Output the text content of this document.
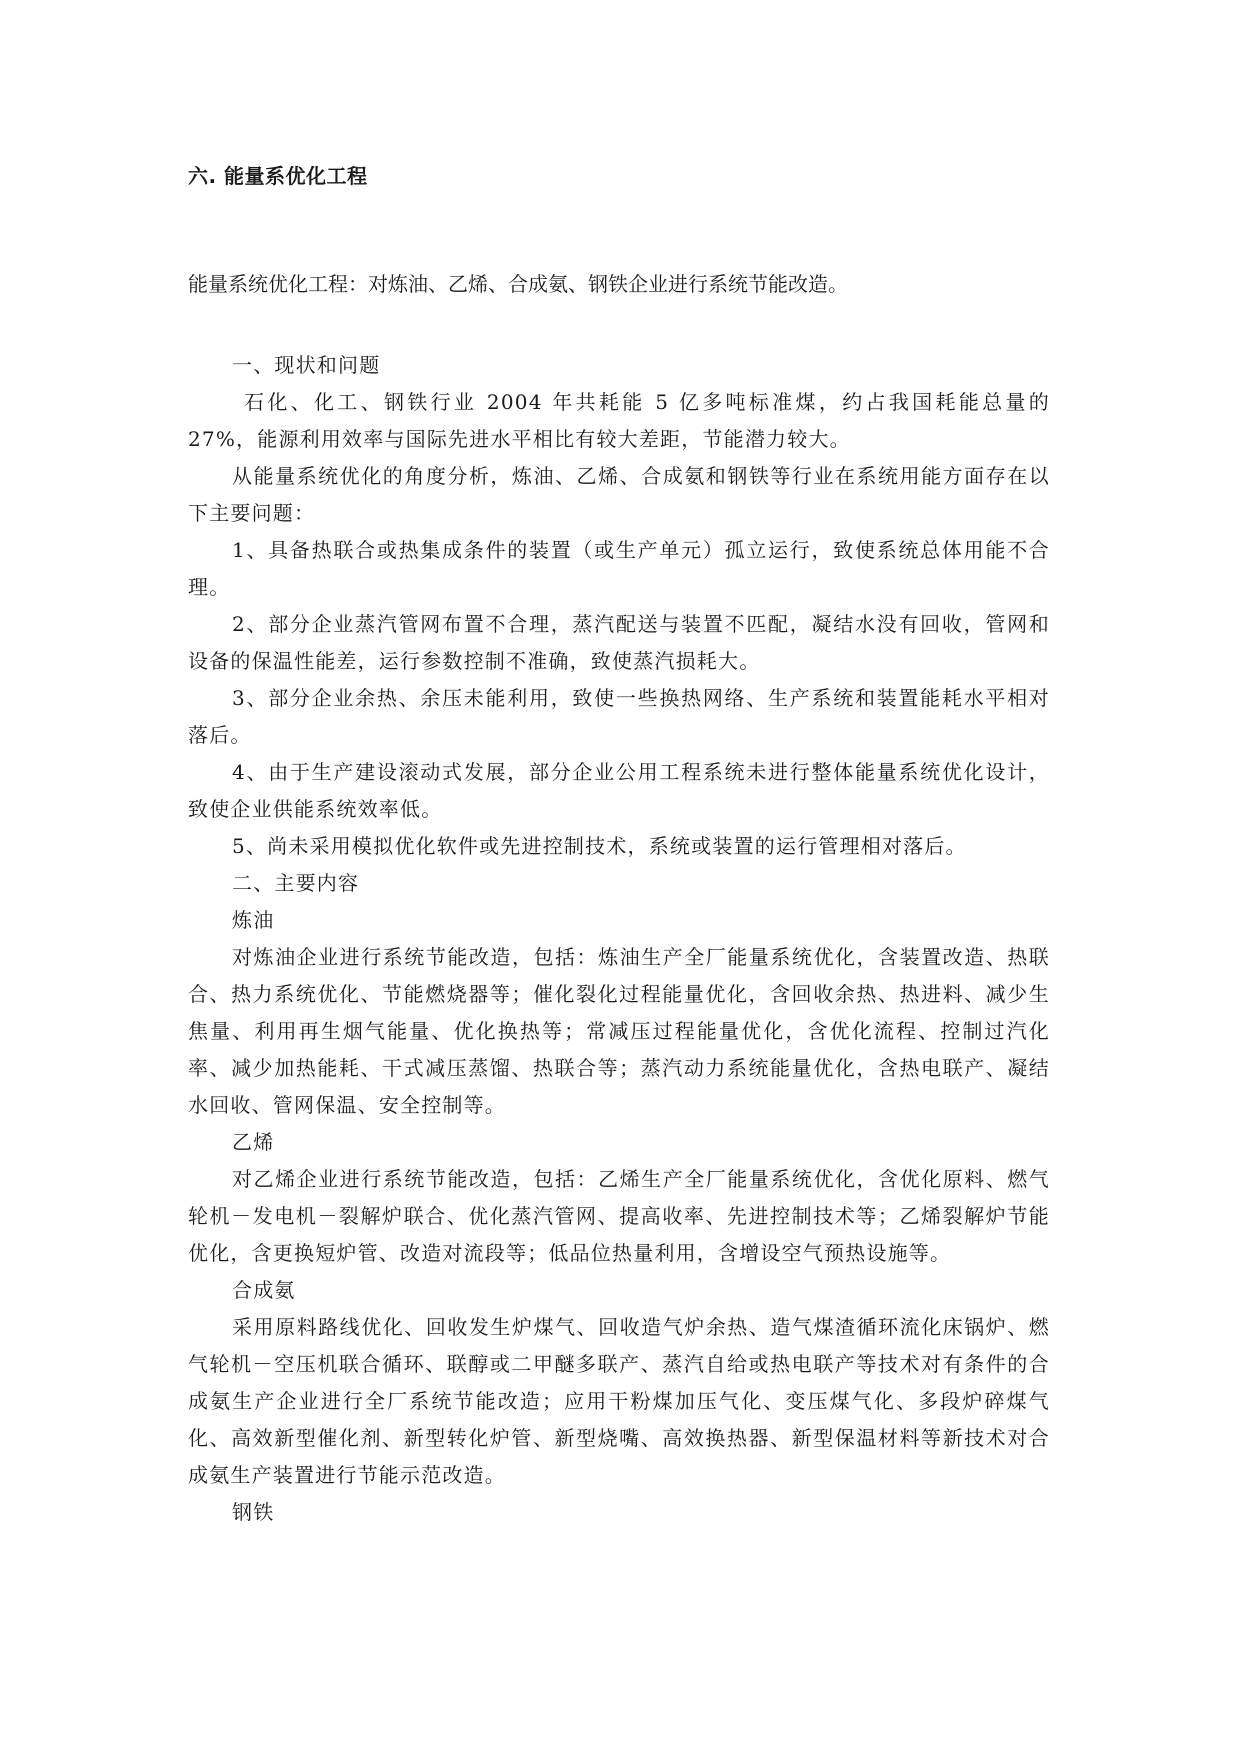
六. 能量系优化工程

能量系统优化工程：对炼油、乙烯、合成氨、钢铁企业进行系统节能改造。

一、现状和问题

石化、化工、钢铁行业 2004 年共耗能 5 亿多吨标准煤，约占我国耗能总量的 27%，能源利用效率与国际先进水平相比有较大差距，节能潜力较大。

从能量系统优化的角度分析，炼油、乙烯、合成氨和钢铁等行业在系统用能方面存在以下主要问题：

1、具备热联合或热集成条件的装置（或生产单元）孤立运行，致使系统总体用能不合理。

2、部分企业蒸汽管网布置不合理，蒸汽配送与装置不匹配，凝结水没有回收，管网和设备的保温性能差，运行参数控制不准确，致使蒸汽损耗大。

3、部分企业余热、余压未能利用，致使一些换热网络、生产系统和装置能耗水平相对落后。

4、由于生产建设滚动式发展，部分企业公用工程系统未进行整体能量系统优化设计，致使企业供能系统效率低。

5、尚未采用模拟优化软件或先进控制技术，系统或装置的运行管理相对落后。

二、主要内容

炼油

对炼油企业进行系统节能改造，包括：炼油生产全厂能量系统优化，含装置改造、热联合、热力系统优化、节能燃烧器等；催化裂化过程能量优化，含回收余热、热进料、减少生焦量、利用再生烟气能量、优化换热等；常减压过程能量优化，含优化流程、控制过汽化率、减少加热能耗、干式减压蒸馏、热联合等；蒸汽动力系统能量优化，含热电联产、凝结水回收、管网保温、安全控制等。

乙烯

对乙烯企业进行系统节能改造，包括：乙烯生产全厂能量系统优化，含优化原料、燃气轮机－发电机－裂解炉联合、优化蒸汽管网、提高收率、先进控制技术等；乙烯裂解炉节能优化，含更换短炉管、改造对流段等；低品位热量利用，含增设空气预热设施等。

合成氨

采用原料路线优化、回收发生炉煤气、回收造气炉余热、造气煤渣循环流化床锅炉、燃气轮机－空压机联合循环、联醇或二甲醚多联产、蒸汽自给或热电联产等技术对有条件的合成氨生产企业进行全厂系统节能改造；应用干粉煤加压气化、变压煤气化、多段炉碎煤气化、高效新型催化剂、新型转化炉管、新型烧嘴、高效换热器、新型保温材料等新技术对合成氨生产装置进行节能示范改造。

钢铁
